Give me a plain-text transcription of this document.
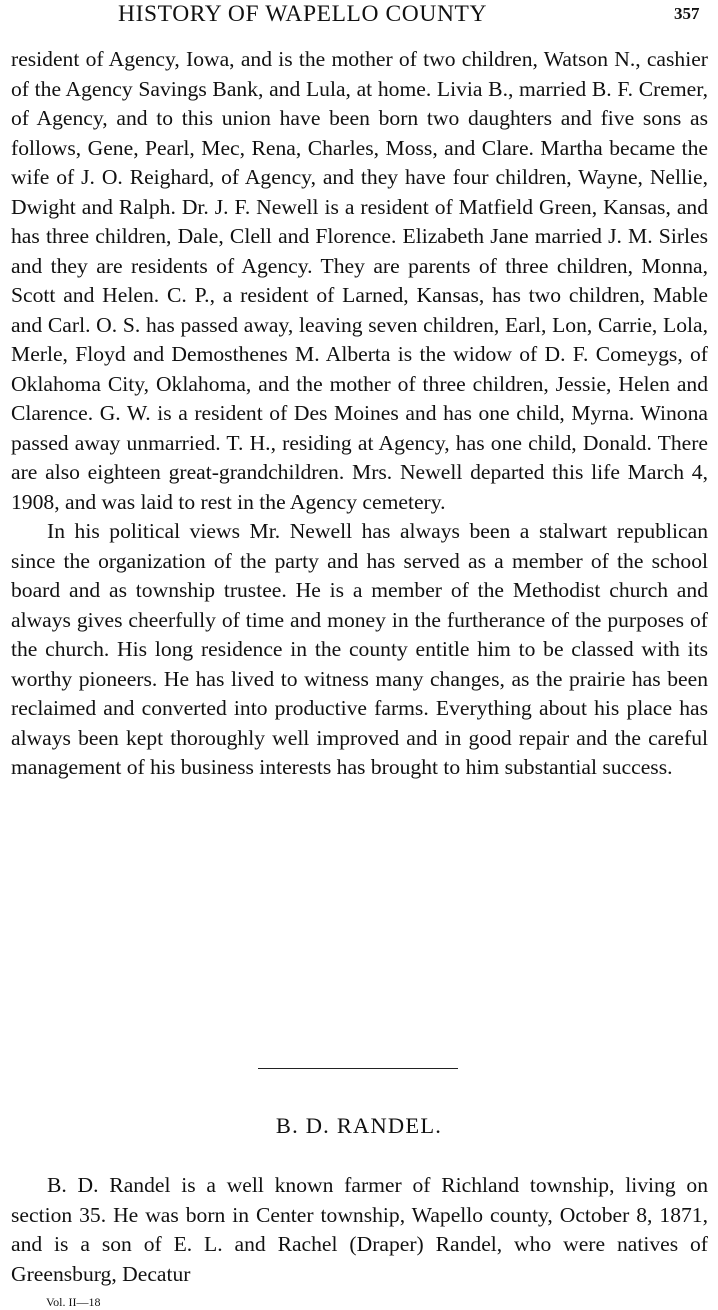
HISTORY OF WAPELLO COUNTY	357

resident of Agency, Iowa, and is the mother of two children, Watson N., cashier of the Agency Savings Bank, and Lula, at home. Livia B., married B. F. Cremer, of Agency, and to this union have been born two daughters and five sons as follows, Gene, Pearl, Mec, Rena, Charles, Moss, and Clare. Martha became the wife of J. O. Reighard, of Agency, and they have four children, Wayne, Nellie, Dwight and Ralph. Dr. J. F. Newell is a resident of Matfield Green, Kansas, and has three children, Dale, Clell and Florence. Elizabeth Jane married J. M. Sirles and they are residents of Agency. They are parents of three children, Monna, Scott and Helen. C. P., a resident of Larned, Kansas, has two children, Mable and Carl. O. S. has passed away, leaving seven children, Earl, Lon, Carrie, Lola, Merle, Floyd and Demosthenes M. Alberta is the widow of D. F. Comeygs, of Oklahoma City, Oklahoma, and the mother of three children, Jessie, Helen and Clarence. G. W. is a resident of Des Moines and has one child, Myrna. Winona passed away unmarried. T. H., residing at Agency, has one child, Donald. There are also eighteen great-grandchildren. Mrs. Newell departed this life March 4, 1908, and was laid to rest in the Agency cemetery.

In his political views Mr. Newell has always been a stalwart republican since the organization of the party and has served as a member of the school board and as township trustee. He is a member of the Methodist church and always gives cheerfully of time and money in the furtherance of the purposes of the church. His long residence in the county entitle him to be classed with its worthy pioneers. He has lived to witness many changes, as the prairie has been reclaimed and converted into productive farms. Everything about his place has always been kept thoroughly well improved and in good repair and the careful management of his business interests has brought to him substantial success.

B. D. RANDEL.

B. D. Randel is a well known farmer of Richland township, living on section 35. He was born in Center township, Wapello county, October 8, 1871, and is a son of E. L. and Rachel (Draper) Randel, who were natives of Greensburg, Decatur

Vol. II—18
